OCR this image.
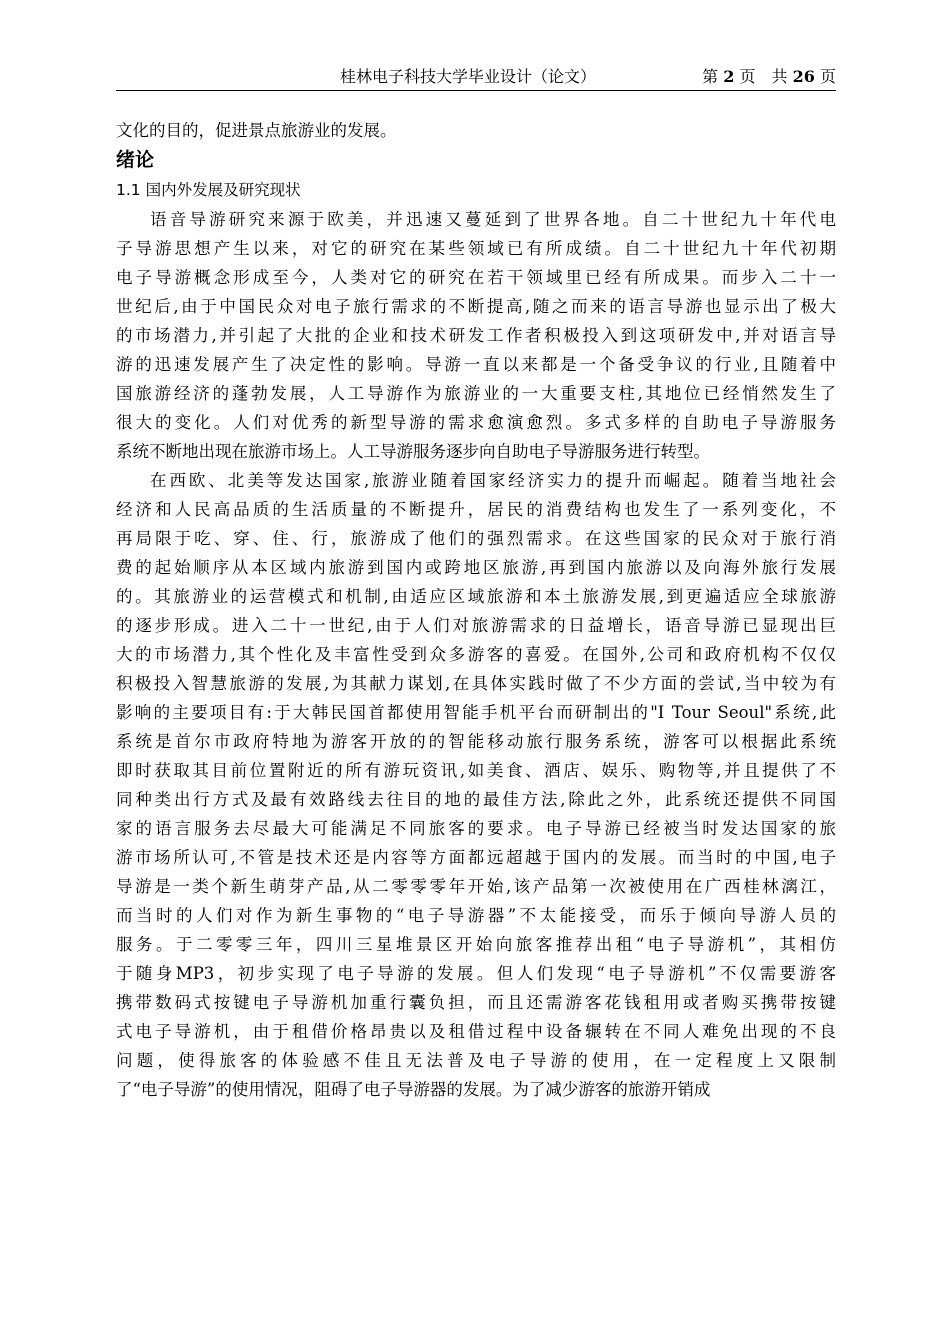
桂林电子科技大学毕业设计（论文）	第 2 页　共 26 页
文化的目的，促进景点旅游业的发展。
绪论
1.1 国内外发展及研究现状
语音导游研究来源于欧美，并迅速又蔓延到了世界各地。自二十世纪九十年代电
子导游思想产生以来，对它的研究在某些领域已有所成绩。自二十世纪九十年代初期
电子导游概念形成至今，人类对它的研究在若干领域里已经有所成果。而步入二十一
世纪后,由于中国民众对电子旅行需求的不断提高,随之而来的语言导游也显示出了极大
的市场潜力,并引起了大批的企业和技术研发工作者积极投入到这项研发中,并对语言导
游的迅速发展产生了决定性的影响。导游一直以来都是一个备受争议的行业,且随着中
国旅游经济的蓬勃发展，人工导游作为旅游业的一大重要支柱,其地位已经悄然发生了
很大的变化。人们对优秀的新型导游的需求愈演愈烈。多式多样的自助电子导游服务
系统不断地出现在旅游市场上。人工导游服务逐步向自助电子导游服务进行转型。
在西欧、北美等发达国家,旅游业随着国家经济实力的提升而崛起。随着当地社会
经济和人民高品质的生活质量的不断提升，居民的消费结构也发生了一系列变化，不
再局限于吃、穿、住、行，旅游成了他们的强烈需求。在这些国家的民众对于旅行消
费的起始顺序从本区域内旅游到国内或跨地区旅游,再到国内旅游以及向海外旅行发展
的。其旅游业的运营模式和机制,由适应区域旅游和本土旅游发展,到更遍适应全球旅游
的逐步形成。进入二十一世纪,由于人们对旅游需求的日益增长，语音导游已显现出巨
大的市场潜力,其个性化及丰富性受到众多游客的喜爱。在国外,公司和政府机构不仅仅
积极投入智慧旅游的发展,为其献力谋划,在具体实践时做了不少方面的尝试,当中较为有
影响的主要项目有:于大韩民国首都使用智能手机平台而研制出的"I Tour Seoul"系统,此
系统是首尔市政府特地为游客开放的的智能移动旅行服务系统，游客可以根据此系统
即时获取其目前位置附近的所有游玩资讯,如美食、酒店、娱乐、购物等,并且提供了不
同种类出行方式及最有效路线去往目的地的最佳方法,除此之外，此系统还提供不同国
家的语言服务去尽最大可能满足不同旅客的要求。电子导游已经被当时发达国家的旅
游市场所认可,不管是技术还是内容等方面都远超越于国内的发展。而当时的中国,电子
导游是一类个新生萌芽产品,从二零零零年开始,该产品第一次被使用在广西桂林漓江，
而当时的人们对作为新生事物的“电子导游器”不太能接受，而乐于倾向导游人员的
服务。于二零零三年，四川三星堆景区开始向旅客推荐出租“电子导游机”，其相仿
于随身MP3，初步实现了电子导游的发展。但人们发现“电子导游机”不仅需要游客
携带数码式按键电子导游机加重行囊负担，而且还需游客花钱租用或者购买携带按键
式电子导游机，由于租借价格昂贵以及租借过程中设备辗转在不同人难免出现的不良
问题，使得旅客的体验感不佳且无法普及电子导游的使用，在一定程度上又限制
了“电子导游”的使用情况，阻碍了电子导游器的发展。为了减少游客的旅游开销成
